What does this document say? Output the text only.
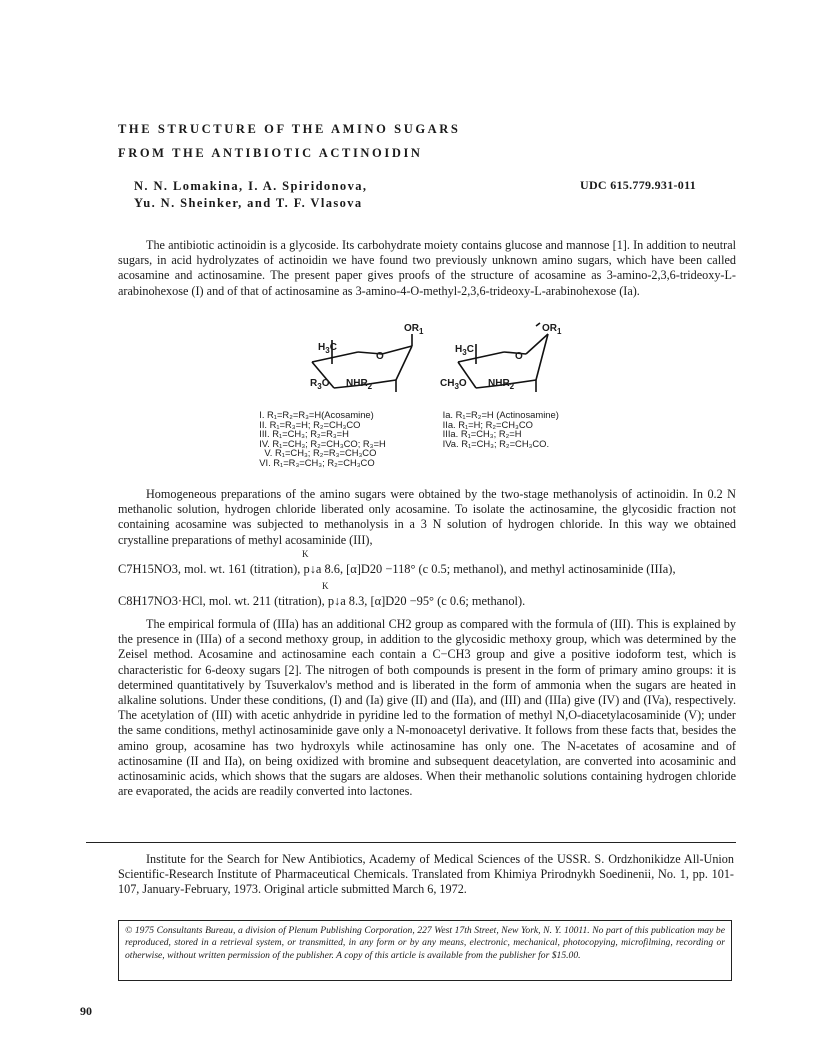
THE STRUCTURE OF THE AMINO SUGARS
FROM THE ANTIBIOTIC ACTINOIDIN
N. N. Lomakina, I. A. Spiridonova,
Yu. N. Sheinker, and T. F. Vlasova
UDC 615.779.931-011

The antibiotic actinoidin is a glycoside. Its carbohydrate moiety contains glucose and mannose [1]. In addition to neutral sugars, in acid hydrolyzates of actinoidin we have found two previously unknown amino sugars, which have been called acosamine and actinosamine. The present paper gives proofs of the structure of acosamine as 3-amino-2,3,6-trideoxy-L-arabinohexose (I) and of that of actinosamine as 3-amino-4-O-methyl-2,3,6-trideoxy-L-arabinohexose (Ia).

$OR_1$
$H_3C$
O
$R_3O$ $NHR_2$
$OR_1$
$H_3C$
O
$CH_3O$ $NHR_2$
I. R₁=R₂=R₃=H(Acosamine)
II. R₁=R₃=H; R₂=CH₃CO
III. R₁=CH₃; R₂=R₃=H
IV. R₁=CH₃; R₂=CH₃CO; R₃=H
V. R₁=CH₃; R₂=R₃=CH₃CO
VI. R₁=R₃=CH₃; R₂=CH₃CO
Ia. R₁=R₂=H (Actinosamine)
IIa. R₁=H; R₂=CH₃CO
IIIa. R₁=CH₃; R₂=H
IVa. R₁=CH₃; R₂=CH₃CO.

Homogeneous preparations of the amino sugars were obtained by the two-stage methanolysis of actinoidin. In 0.2 N methanolic solution, hydrogen chloride liberated only acosamine. To isolate the actinosamine, the glycosidic fraction not containing acosamine was subjected to methanolysis in a 3 N solution of hydrogen chloride. In this way we obtained crystalline preparations of methyl acosaminide (III),

K
C7H15NO3, mol. wt. 161 (titration), p↓a 8.6, [α]D20 −118° (c 0.5; methanol), and methyl actinosaminide (IIIa),
K
C8H17NO3·HCl, mol. wt. 211 (titration), p↓a 8.3, [α]D20 −95° (c 0.6; methanol).

The empirical formula of (IIIa) has an additional CH2 group as compared with the formula of (III). This is explained by the presence in (IIIa) of a second methoxy group, in addition to the glycosidic methoxy group, which was determined by the Zeisel method. Acosamine and actinosamine each contain a C−CH3 group and give a positive iodoform test, which is characteristic for 6-deoxy sugars [2]. The nitrogen of both compounds is present in the form of primary amino groups: it is determined quantitatively by Tsuverkalov's method and is liberated in the form of ammonia when the sugars are heated in alkaline solutions. Under these conditions, (I) and (Ia) give (II) and (IIa), and (III) and (IIIa) give (IV) and (IVa), respectively. The acetylation of (III) with acetic anhydride in pyridine led to the formation of methyl N,O-diacetylacosaminide (V); under the same conditions, methyl actinosaminide gave only a N-monoacetyl derivative. It follows from these facts that, besides the amino group, acosamine has two hydroxyls while actinosamine has only one. The N-acetates of acosamine and of actinosamine (II and IIa), on being oxidized with bromine and subsequent deacetylation, are converted into acosaminic and actinosaminic acids, which shows that the sugars are aldoses. When their methanolic solutions containing hydrogen chloride are evaporated, the acids are readily converted into lactones.

Institute for the Search for New Antibiotics, Academy of Medical Sciences of the USSR. S. Ordzhonikidze All-Union Scientific-Research Institute of Pharmaceutical Chemicals. Translated from Khimiya Prirodnykh Soedinenii, No. 1, pp. 101-107, January-February, 1973. Original article submitted March 6, 1972.

© 1975 Consultants Bureau, a division of Plenum Publishing Corporation, 227 West 17th Street, New York, N. Y. 10011. No part of this publication may be reproduced, stored in a retrieval system, or transmitted, in any form or by any means, electronic, mechanical, photocopying, microfilming, recording or otherwise, without written permission of the publisher. A copy of this article is available from the publisher for $15.00.
90
